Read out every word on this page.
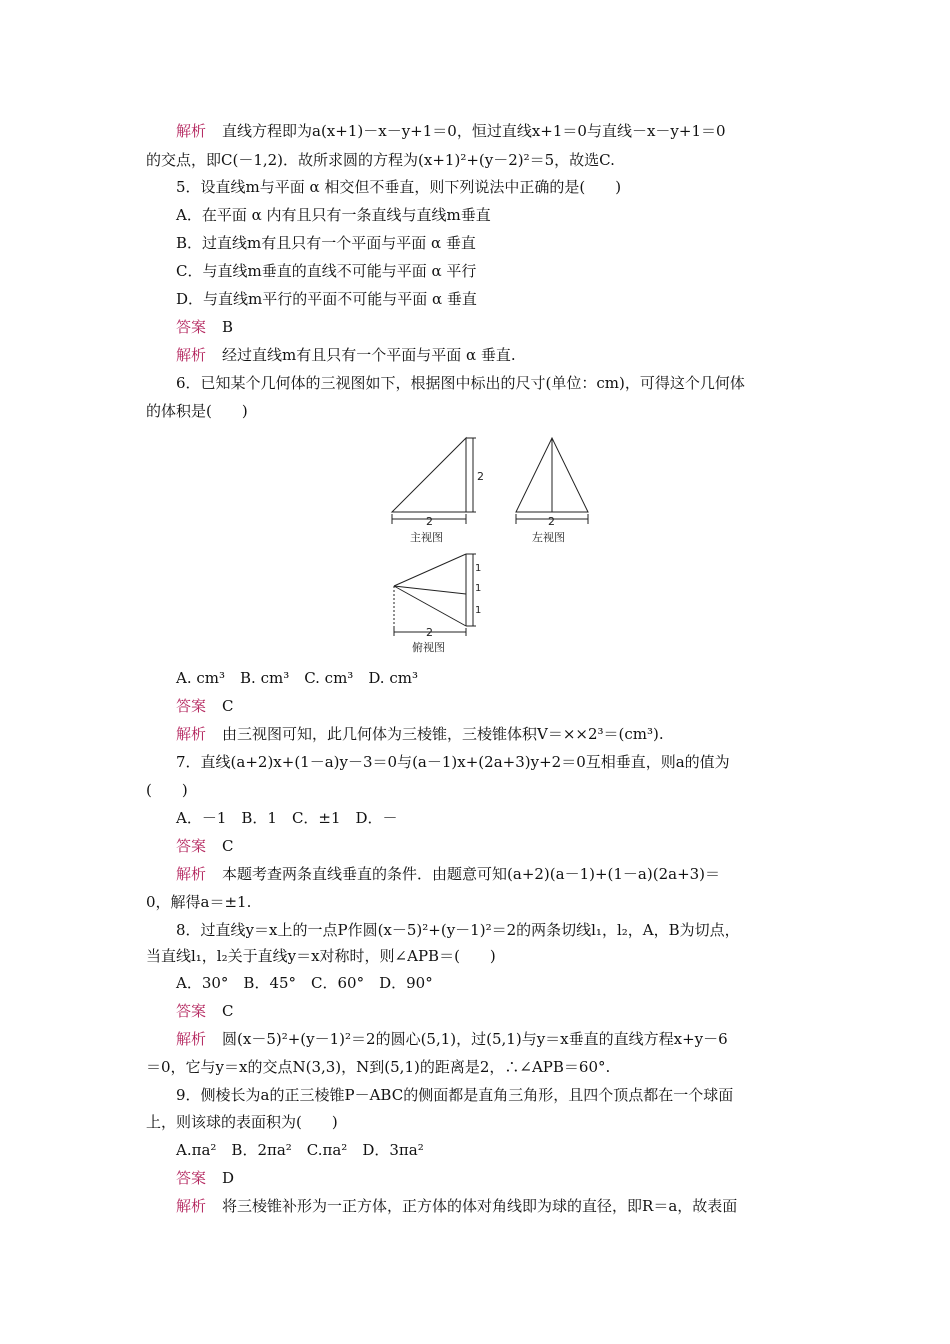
解析 直线方程即为a(x+1)－x－y+1＝0，恒过直线x+1＝0与直线－x－y+1＝0
的交点，即C(－1,2)．故所求圆的方程为(x+1)²+(y－2)²＝5，故选C.
5．设直线m与平面 α 相交但不垂直，则下列说法中正确的是(　　)
A．在平面 α 内有且只有一条直线与直线m垂直
B．过直线m有且只有一个平面与平面 α 垂直
C．与直线m垂直的直线不可能与平面 α 平行
D．与直线m平行的平面不可能与平面 α 垂直
答案 B
解析 经过直线m有且只有一个平面与平面 α 垂直.
6．已知某个几何体的三视图如下，根据图中标出的尺寸(单位：cm)，可得这个几何体
的体积是(　　)
2
2
主视图
2
左视图
1
1
1
2
俯视图
A. cm³　B. cm³　C. cm³　D. cm³
答案 C
解析 由三视图可知，此几何体为三棱锥，三棱锥体积V＝××2³＝(cm³).
7．直线(a+2)x+(1－a)y－3＝0与(a－1)x+(2a+3)y+2＝0互相垂直，则a的值为
(　　)
A．－1　B．1　C．±1　D．－
答案 C
解析 本题考查两条直线垂直的条件．由题意可知(a+2)(a－1)+(1－a)(2a+3)＝
0，解得a＝±1.
8．过直线y＝x上的一点P作圆(x－5)²+(y－1)²＝2的两条切线l₁，l₂，A，B为切点，
当直线l₁，l₂关于直线y＝x对称时，则∠APB＝(　　)
A．30°　B．45°　C．60°　D．90°
答案 C
解析 圆(x－5)²+(y－1)²＝2的圆心(5,1)，过(5,1)与y＝x垂直的直线方程x+y－6
＝0，它与y＝x的交点N(3,3)，N到(5,1)的距离是2，∴∠APB＝60°.
9．侧棱长为a的正三棱锥P－ABC的侧面都是直角三角形，且四个顶点都在一个球面
上，则该球的表面积为(　　)
A.πa²　B．2πa²　C.πa²　D．3πa²
答案 D
解析 将三棱锥补形为一正方体，正方体的体对角线即为球的直径，即R＝a，故表面
